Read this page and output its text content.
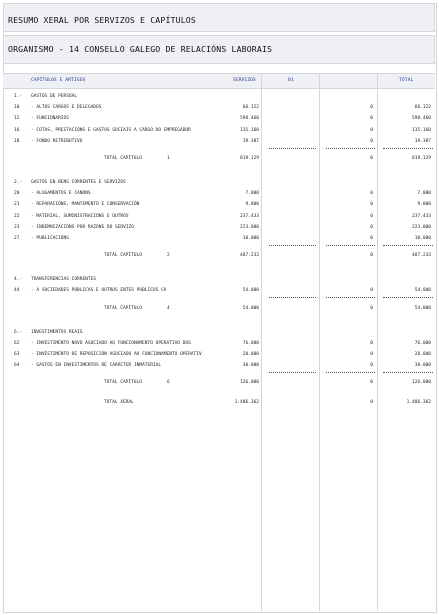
RESUMO XERAL POR SERVIZOS E CAPÍTULOS
ORGANISMO - 14 CONSELLO GALEGO DE RELACIÓNS LABORAIS
CAPÍTULOS E ARTIGOS	SERVIZOS	01	TOTAL
1.- GASTOS DE PERSOAL
10	- ALTOS CARGOS E DELEGADOS	66.122	0	66.122
12	- FUNCIONARIOS	598.460	0	598.460
16	- COTAS, PRESTACIÓNS E GASTOS SOCIAIS A CARGO DO EMPREGADOR	135.160	0	135.160
18	- FONDO RETRIBUTIVO	19.387	0	19.387
TOTAL CAPÍTULO	1	819.129	0	819.129
2.- GASTOS EN BENS CORRENTES E SERVIZOS
20	- ALUGAMENTOS E CANONS	7.000	0	7.000
21	- REPARACIÓNS, MANTEMENTO E CONSERVACIÓN	9.800	0	9.800
22	- MATERIAL, SUMINISTRACIÓNS E OUTROS	237.433	0	237.433
23	- INDEMNIZACIÓNS POR RAZÓNS DO SERVIZO	223.000	0	223.000
27	- PUBLICACIÓNS	10.000	0	10.000
TOTAL CAPÍTULO	2	487.233	0	487.233
4.- TRANSFERENCIAS CORRENTES
44	- A SOCIEDADES PÚBLICAS E OUTROS ENTES PÚBLICOS CA	54.000	0	54.000
TOTAL CAPÍTULO	4	54.000	0	54.000
6.- INVESTIMENTOS REAIS
62	- INVESTIMENTO NOVO ASOCIADO AO FUNCIONAMENTO OPERATIVO DOS	76.000	0	76.000
63	- INVESTIMENTO DE REPOSICIÓN ASOCIADO AO FUNCIONAMENTO OPERATIV	20.000	0	20.000
64	- GASTOS EN INVESTIMENTOS DE CARÁCTER INMATERIAL	30.000	0	30.000
TOTAL CAPÍTULO	6	126.000	0	126.000
TOTAL XERAL	1.486.362	0	1.486.362
